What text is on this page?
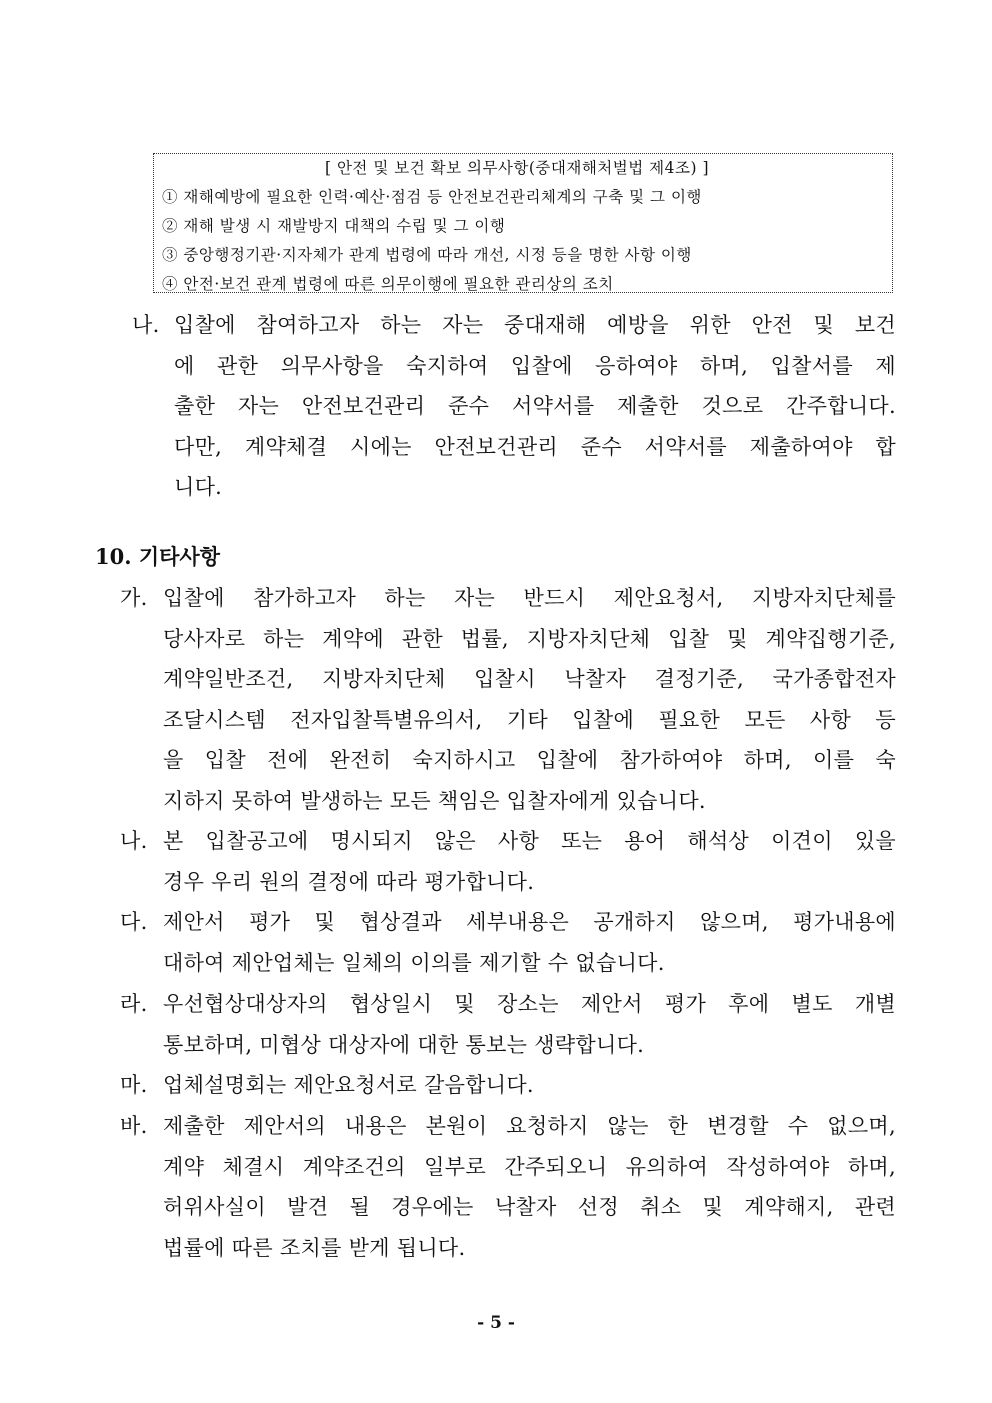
[ 안전 및 보건 확보 의무사항(중대재해처벌법 제4조) ]
① 재해예방에 필요한 인력·예산·점검 등 안전보건관리체계의 구축 및 그 이행
② 재해 발생 시 재발방지 대책의 수립 및 그 이행
③ 중앙행정기관·지자체가 관계 법령에 따라 개선, 시정 등을 명한 사항 이행
④ 안전·보건 관계 법령에 따른 의무이행에 필요한 관리상의 조치
나. 입찰에 참여하고자 하는 자는 중대재해 예방을 위한 안전 및 보건
에 관한 의무사항을 숙지하여 입찰에 응하여야 하며, 입찰서를 제
출한 자는 안전보건관리 준수 서약서를 제출한 것으로 간주합니다.
다만, 계약체결 시에는 안전보건관리 준수 서약서를 제출하여야 합
니다.
10. 기타사항
가. 입찰에 참가하고자 하는 자는 반드시 제안요청서, 지방자치단체를
당사자로 하는 계약에 관한 법률, 지방자치단체 입찰 및 계약집행기준,
계약일반조건, 지방자치단체 입찰시 낙찰자 결정기준, 국가종합전자
조달시스템 전자입찰특별유의서, 기타 입찰에 필요한 모든 사항 등
을 입찰 전에 완전히 숙지하시고 입찰에 참가하여야 하며, 이를 숙
지하지 못하여 발생하는 모든 책임은 입찰자에게 있습니다.
나. 본 입찰공고에 명시되지 않은 사항 또는 용어 해석상 이견이 있을
경우 우리 원의 결정에 따라 평가합니다.
다. 제안서 평가 및 협상결과 세부내용은 공개하지 않으며, 평가내용에
대하여 제안업체는 일체의 이의를 제기할 수 없습니다.
라. 우선협상대상자의 협상일시 및 장소는 제안서 평가 후에 별도 개별
통보하며, 미협상 대상자에 대한 통보는 생략합니다.
마. 업체설명회는 제안요청서로 갈음합니다.
바. 제출한 제안서의 내용은 본원이 요청하지 않는 한 변경할 수 없으며,
계약 체결시 계약조건의 일부로 간주되오니 유의하여 작성하여야 하며,
허위사실이 발견 될 경우에는 낙찰자 선정 취소 및 계약해지, 관련
법률에 따른 조치를 받게 됩니다.
- 5 -
